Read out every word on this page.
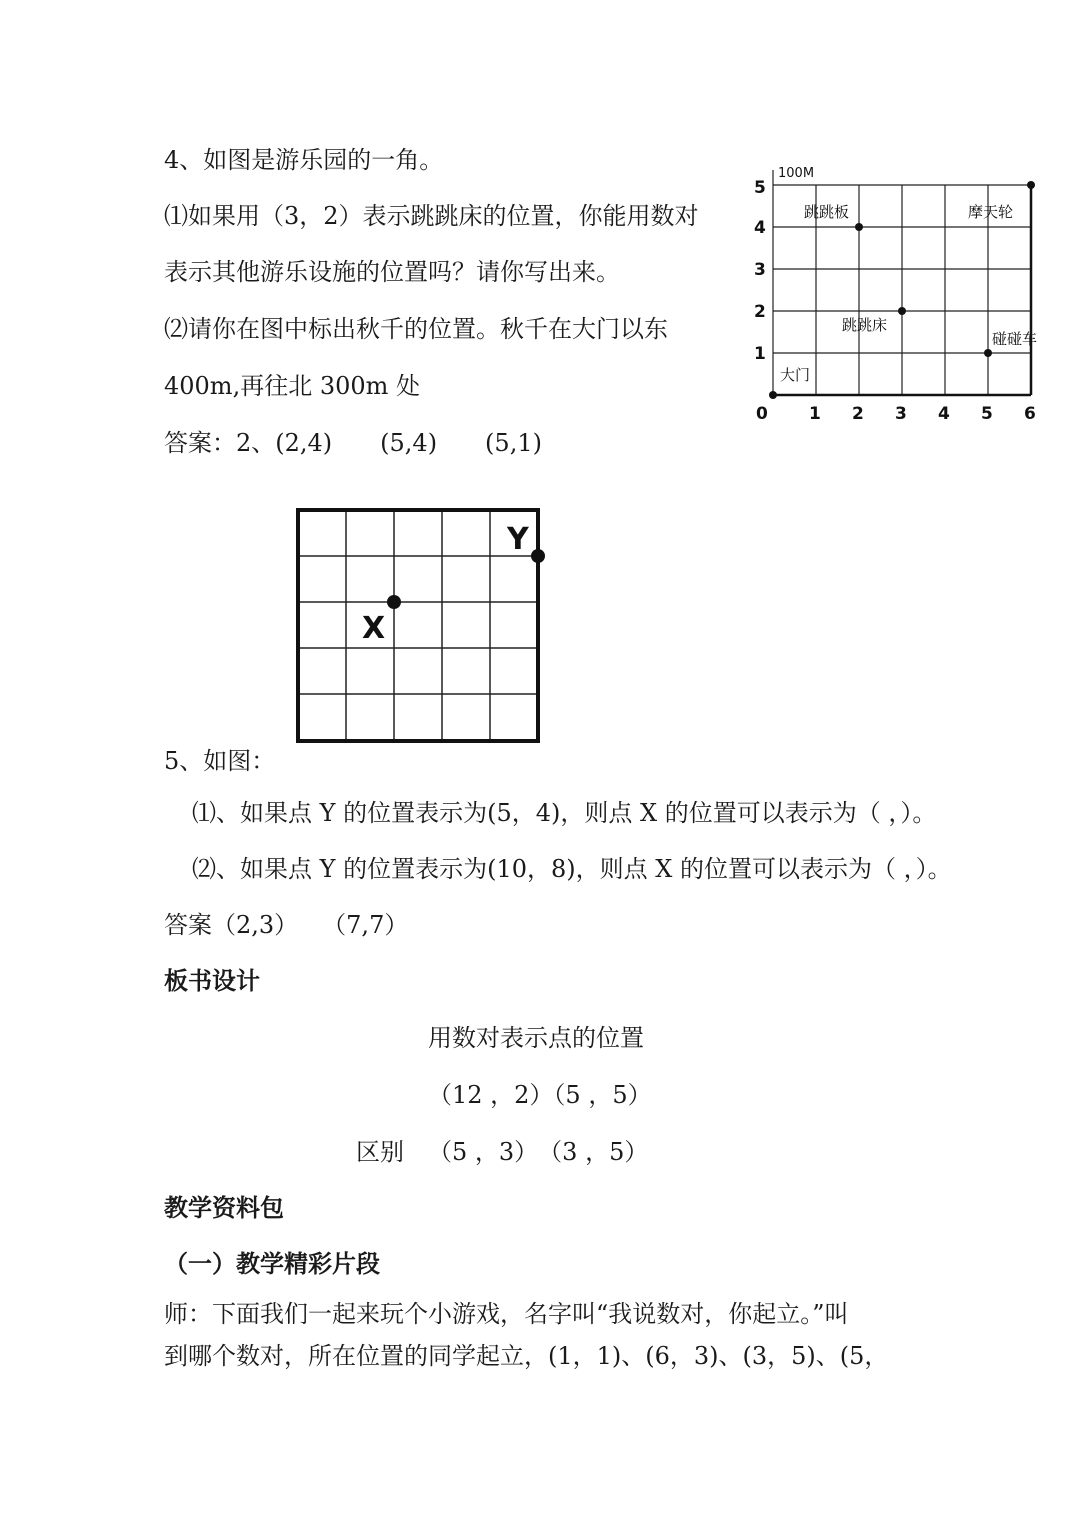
4、如图是游乐园的一角。
⑴如果用（3，2）表示跳跳床的位置，你能用数对
表示其他游乐设施的位置吗？请你写出来。
⑵请你在图中标出秋千的位置。秋千在大门以东
400m,再往北 300m 处
答案：2、(2,4)　　(5,4)　　(5,1)
100M
0 1 2 3 4 5 6
1
2
3
4
5
跳跳板	摩天轮
跳跳床
碰碰车
大门
Y
X
5、如图：
⑴、如果点 Y 的位置表示为(5，4)，则点 X 的位置可以表示为（ ，）。
⑵、如果点 Y 的位置表示为(10，8)，则点 X 的位置可以表示为（ ，）。
答案（2,3）　　（7,7）
板书设计
用数对表示点的位置
（12 ，2）（5 ，5）
区别 （5 ，3）　（3 ，5）
教学资料包
（一）教学精彩片段
师：下面我们一起来玩个小游戏，名字叫“我说数对，你起立。”叫
到哪个数对，所在位置的同学起立，(1，1)、(6，3)、(3，5)、(5，
